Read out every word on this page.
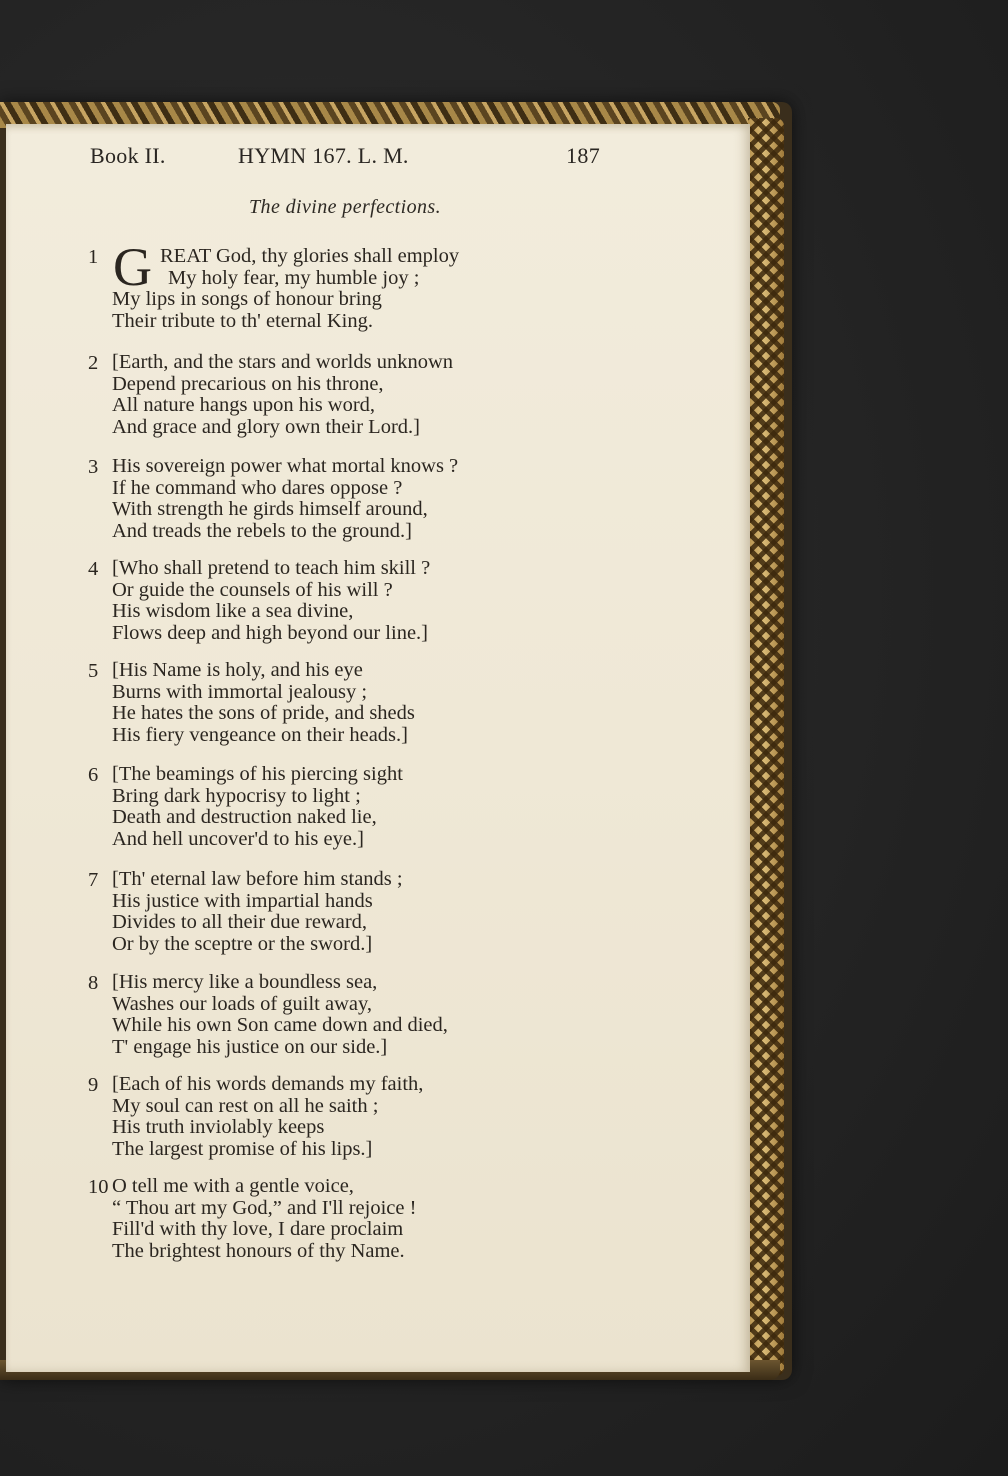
Book II.	HYMN 167. L. M.	187
The divine perfections.
1 G REAT God, thy glories shall employ
My holy fear, my humble joy ;
My lips in songs of honour bring
Their tribute to th' eternal King.
2 [Earth, and the stars and worlds unknown
Depend precarious on his throne,
All nature hangs upon his word,
And grace and glory own their Lord.]
3 His sovereign power what mortal knows ?
If he command who dares oppose ?
With strength he girds himself around,
And treads the rebels to the ground.]
4 [Who shall pretend to teach him skill ?
Or guide the counsels of his will ?
His wisdom like a sea divine,
Flows deep and high beyond our line.]
5 [His Name is holy, and his eye
Burns with immortal jealousy ;
He hates the sons of pride, and sheds
His fiery vengeance on their heads.]
6 [The beamings of his piercing sight
Bring dark hypocrisy to light ;
Death and destruction naked lie,
And hell uncover'd to his eye.]
7 [Th' eternal law before him stands ;
His justice with impartial hands
Divides to all their due reward,
Or by the sceptre or the sword.]
8 [His mercy like a boundless sea,
Washes our loads of guilt away,
While his own Son came down and died,
T' engage his justice on our side.]
9 [Each of his words demands my faith,
My soul can rest on all he saith ;
His truth inviolably keeps
The largest promise of his lips.]
10 O tell me with a gentle voice,
“ Thou art my God,” and I'll rejoice !
Fill'd with thy love, I dare proclaim
The brightest honours of thy Name.
